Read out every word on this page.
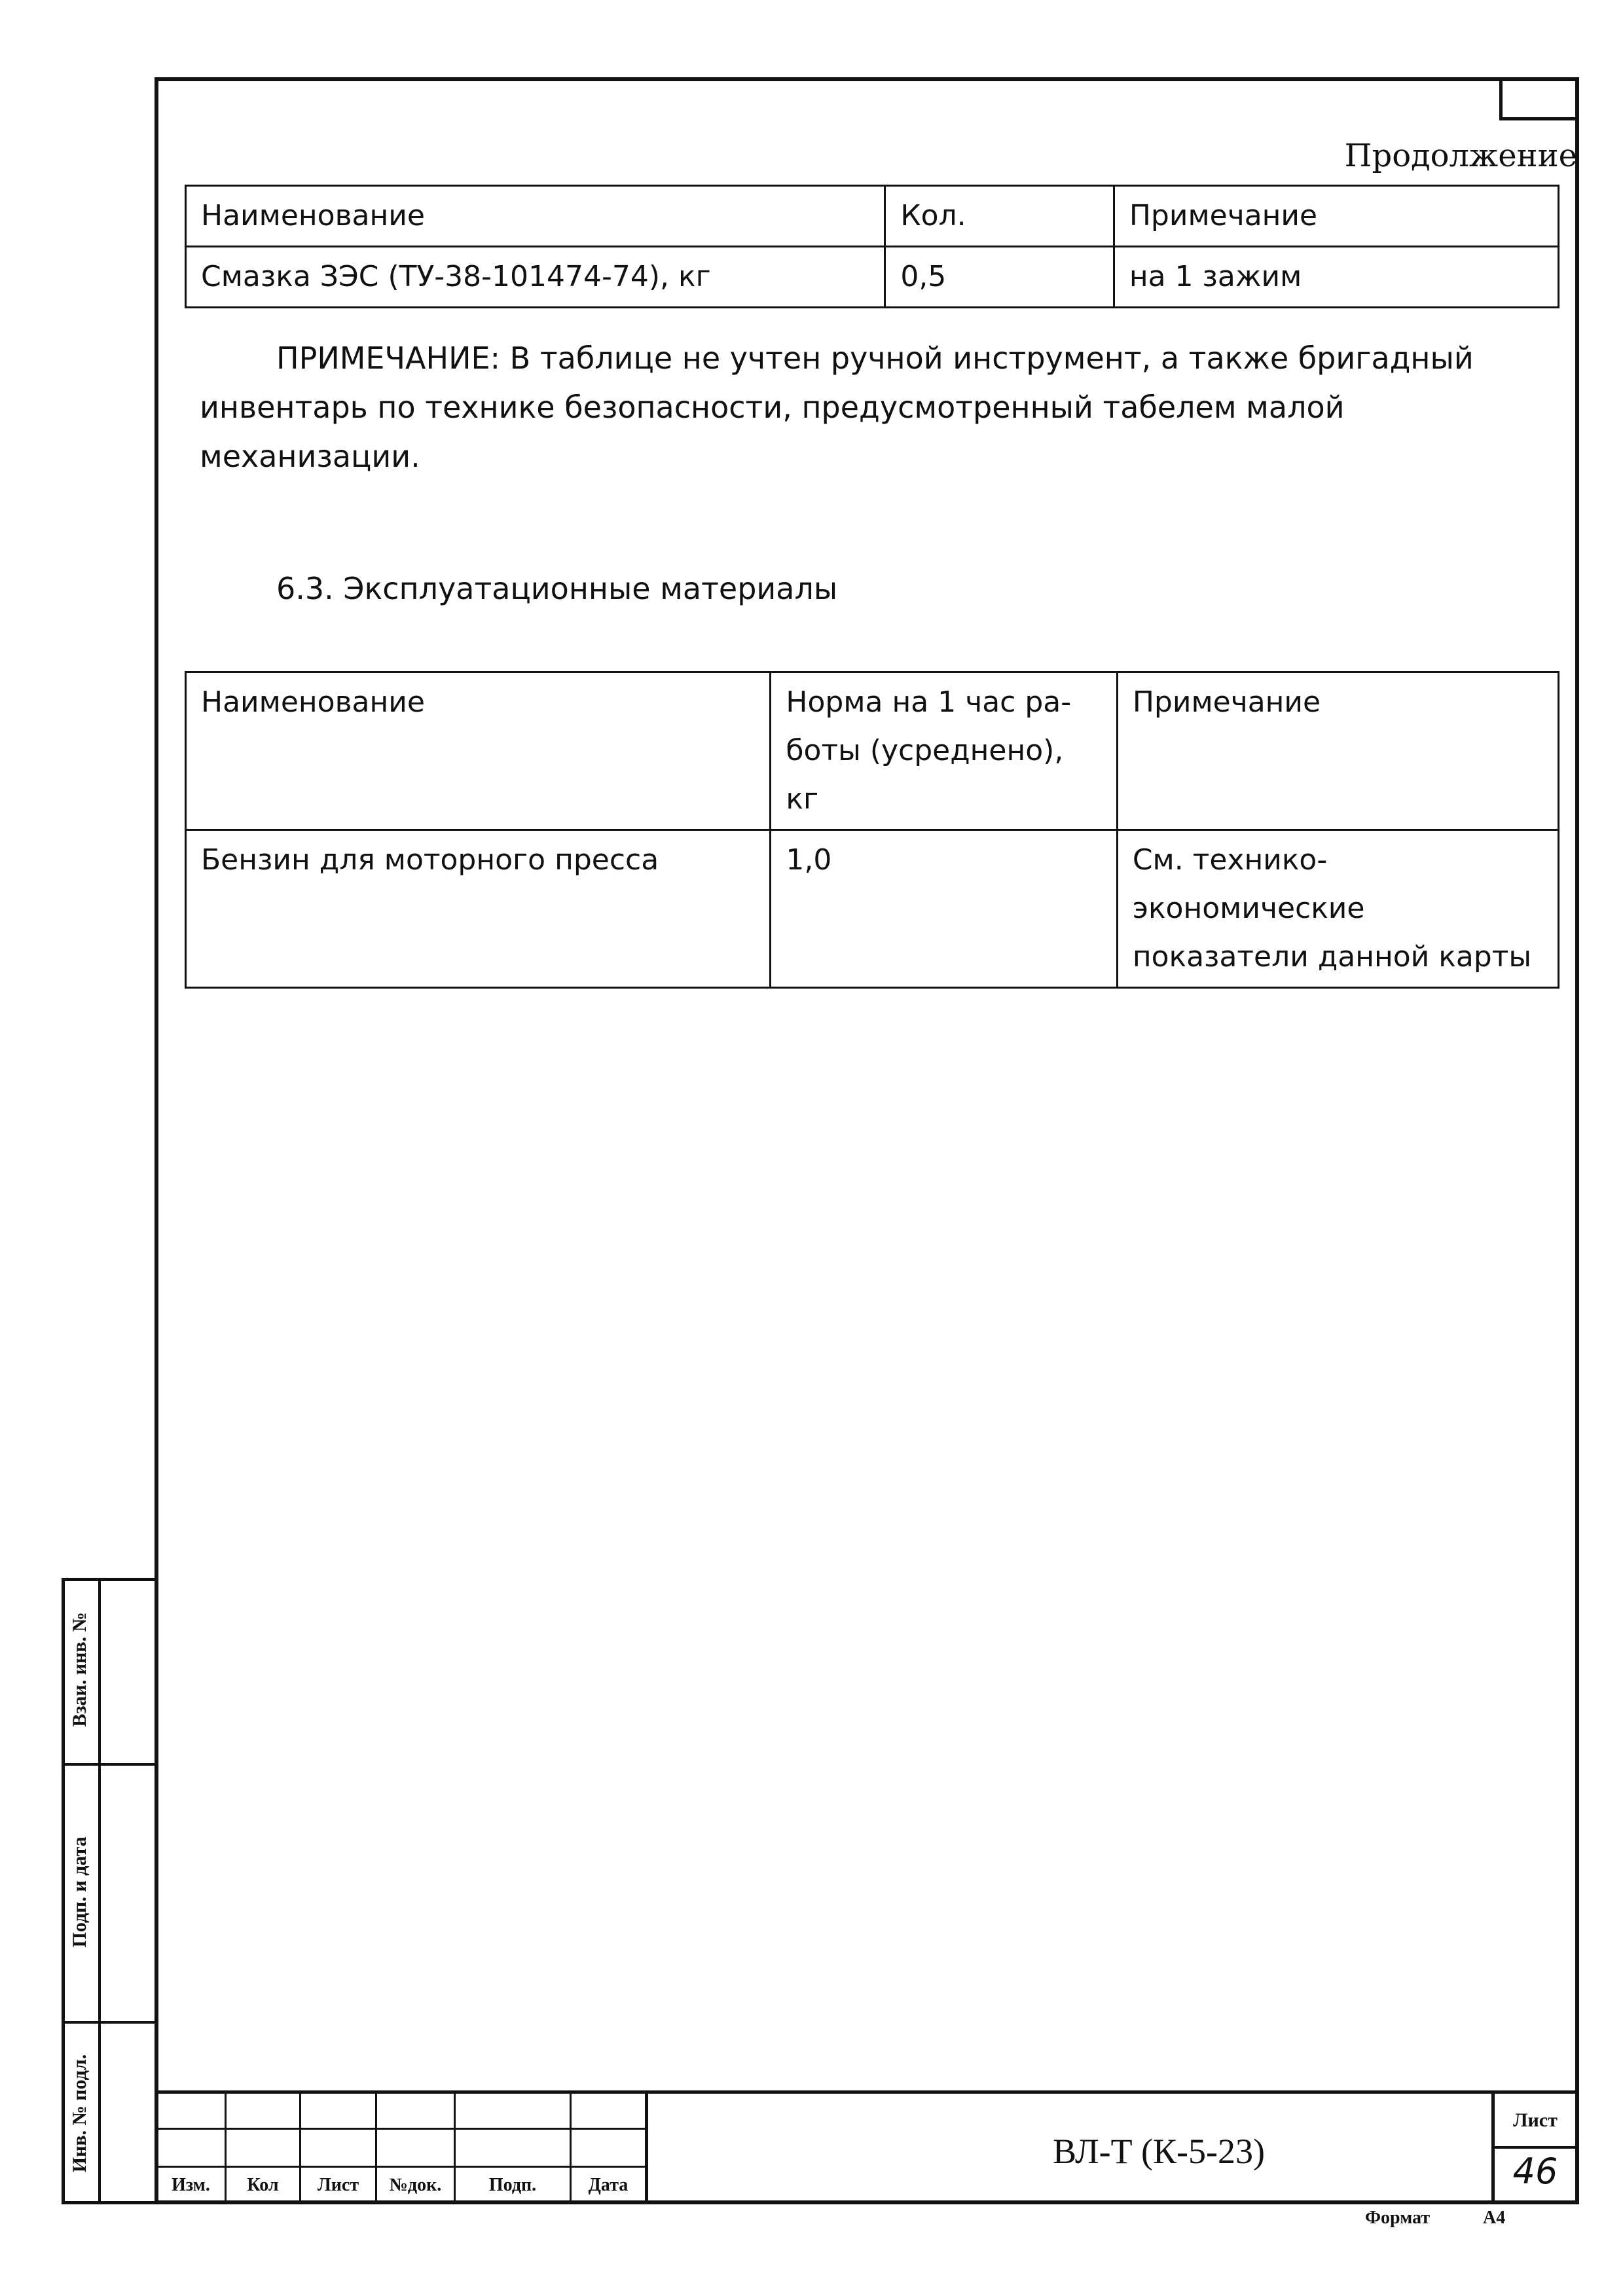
Продолжение
Наименование	Кол.	Примечание
Смазка ЗЭС (ТУ-38-101474-74), кг	0,5	на 1 зажим
ПРИМЕЧАНИЕ: В таблице не учтен ручной инструмент, а также бригадный инвентарь по технике безопасности, предусмотренный табелем малой механизации.
6.3. Эксплуатационные материалы
Наименование	Норма на 1 час ра-боты (усреднено), кг	Примечание
Бензин для моторного пресса	1,0	См. технико-экономические показатели данной карты
Взаи. инв. №
Подп. и дата
Инв. № подл.
Изм.	Кол	Лист	№док.	Подп.	Дата
ВЛ-Т (К-5-23)
Лист
46
Формат	А4
